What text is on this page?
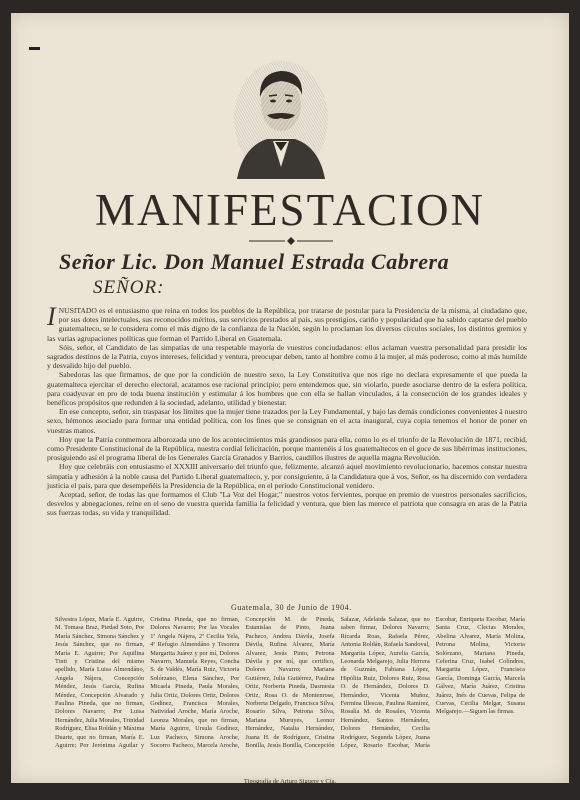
MANIFESTACION
Señor Lic. Don Manuel Estrada Cabrera
SEÑOR:

INUSITADO es el entusiasmo que reina en todos los pueblos de la República, por tratarse de postular para la Presidencia de la misma, al ciudadano que, por sus dotes intelectuales, sus reconocidos méritos, sus servicios prestados al país, sus prestigios, cariño y popularidad que ha sabido captarse del pueblo guatemalteco, se le considera como el más digno de la confianza de la Nación, según lo proclaman los diversos círculos sociales, los distintos gremios y las varias agrupaciones políticas que forman el Partido Liberal en Guatemala.

Sóis, señor, el Candidato de las simpatías de una respetable mayoría de vuestros conciudadanos: ellos aclaman vuestra personalidad para presidir los sagrados destinos de la Patria, cuyos intereses, felicidad y ventura, preocupar deben, tanto al hombre como á la mujer, al más poderoso, como al más humilde y desvalido hijo del pueblo.

Sabedoras las que firmamos, de que por la condición de nuestro sexo, la Ley Constitutiva que nos rige no declara expresamente el que pueda la guatemalteca ejercitar el derecho electoral, acatamos ese racional principio; pero entendemos que, sin violarlo, puede asociarse dentro de la esfera política, para coadyuvar en pro de toda buena institución y estimular á los hombres que con ella se hallan vinculados, á la consecución de los grandes ideales y benéficos propósitos que redunden á la sociedad, adelanto, utilidad y bienestar.

En ese concepto, señor, sin traspasar los límites que la mujer tiene trazados por la Ley Fundamental, y bajo las demás condiciones convenientes á nuestro sexo, hémonos asociado para formar una entidad política, con los fines que se consignan en el acta inaugural, cuya copia tenemos el honor de poner en vuestras manos.

Hoy que la Patria conmemora alborozada uno de los acontecimientos más grandiosos para ella, como lo es el triunfo de la Revolución de 1871, recibid, como Presidente Constitucional de la República, nuestra cordial felicitación, porque mantenéis á los guatemaltecos en el goce de sus libérrimas instituciones, prosiguiendo así el programa liberal de los Generales García Granados y Barrios, caudillos ilustres de aquella magna Revolución.

Hoy que celebráis con entusiasmo el XXXIII aniversario del triunfo que, felizmente, alcanzó aquel movimiento revolucionario, hacemos constar nuestra simpatía y adhesión á la noble causa del Partido Liberal guatemalteco, y, por consiguiente, á la Candidatura que á vos, Señor, os ha discernido con verdadera justicia el país, para que desempeñéis la Presidencia de la República, en el período Constitucional venidero.

Aceptad, señor, de todas las que formamos el Club "La Voz del Hogar," nuestros votos fervientes, porque en premio de vuestros personales sacrificios, desvelos y abnegaciones, reine en el seno de vuestra querida familia la felicidad y ventura, que bien las merece el patriota que consagra en aras de la Patria sus fuerzas todas, su vida y tranquilidad.

Guatemala, 30 de Junio de 1904.
Silvestra López, María E. Aguirre, M. Tomasa Braz, Piedad Soto, Por María Sánchez, Simona Sánchez y Jesús Sánchez, que no firman, María E. Aguirre; Por Aquilina Tinti y Cristina del mismo apellido, María Luisa Almendáno, Angela Nájera, Concepción Méndez, Jesús García, Rufina Méndez, Concepción Alvarado y Paulina Pineda, que no firman, Dolores Navarro; Por Luisa Hernández, Julia Morales, Trinidad Rodríguez, Elisa Roldán y Máxima Duarte, que no firman, María E. Aguirre; Por Jerónima Aguilar y Cristina Pineda, que no firman, Dolores Navarro; Por las Vocales 1ª Angela Nájera, 2ª Cecilia Yela, 4ª Refugio Almendáno y Tesorera Margarita Juárez y por mí, Dolores Navarro, Manuela Reyes, Concha S. de Valdés, María Ruiz, Victoria Solórzano, Elena Sánchez, Por Micaela Pineda, Paula Morales, Julia Ortiz, Dolores Ortiz, Dolores Godínez, Francisca Morales, Natividad Aroche, María Aroche, Leonza Morales, que no firman, María Aguirre, Ursula Godínez, Luz Pacheco, Simona Aroche, Socorro Pacheco, Marcela Aroche, Concepción M. de Pineda, Estanislaa de Pinto, Juana Pacheco, Andrea Dávila, Josefa Dávila, Rufina Alvarez, María Alvarez, Jesús Pinto, Petrona Dávila y por mí, que certifico, Dolores Navarro; Mariana Gutiérrez, Julia Gutiérrez, Paulina Ortiz, Norberta Pineda, Dasmesia Ortiz, Rosa O. de Montenrose, Norberta Delgado, Francisca Silva, Rosario Silva, Petrona Silva, Mariana Muruyes, Leonor Hernández, Natalia Hernández, Juana H. de Rodríguez, Cristina Bonilla, Jesús Bonilla, Concepción Salazar, Adelaida Salazar, que no saben firmar, Dolores Navarro; Ricarda Roas, Rafaela Pérez, Antonia Roldán, Rafaela Sandoval, Margarita López, Aurelia García, Leonarda Melgarejo, Julia Herrera de Guzmán, Fabiana López, Hipólita Ruiz, Dolores Ruiz, Rosa O. de Hernández, Dolores D. Hernández, Vicenta Muñoz, Fermina Illescas, Paulina Ramírez, Rosalía M. de Rosales, Vicenta Hernández, Santos Hernández, Dolores Hernández, Cecilia Rodríguez, Segunda López, Juana López, Rosario Escobar, María Escobar, Enriqueta Escobar, María Santa Cruz, Clecias Morales, Abelina Alvarez, María Molina, Petrona Molina, Victoria Solórzano, Mariana Pineda, Ceferina Cruz, Isabel Colíndres, Margarita López, Francisca García, Dominga García, Marcela Gálvez, María Juárez, Cristina Juárez, Inés de Cuevas, Felipa de Cuevas, Cecilia Melgar, Susana Melgarejo.—Siguen las firmas.
Tipografía de Arturo Siguere y Cía.
